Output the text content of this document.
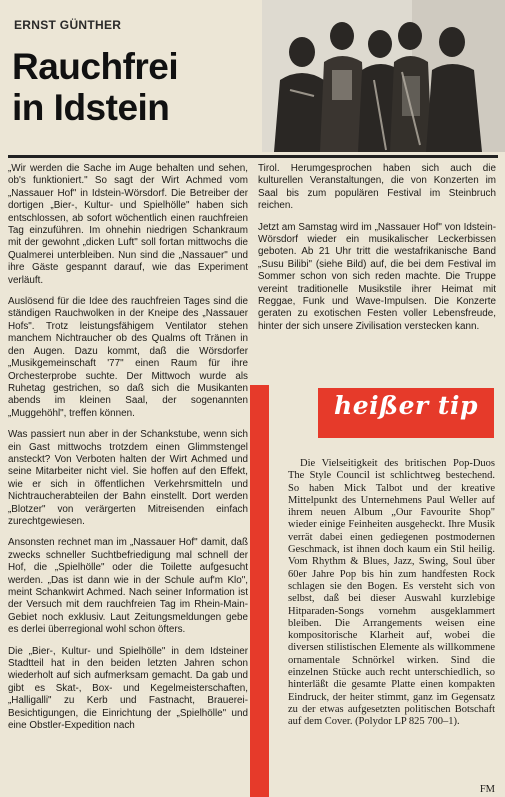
ERNST GÜNTHER
Rauchfrei
in Idstein

„Wir werden die Sache im Auge behalten und sehen, ob's funktioniert." So sagt der Wirt Achmed vom „Nassauer Hof" in Idstein-Wörsdorf. Die Betreiber der dortigen „Bier-, Kultur- und Spielhölle" haben sich entschlossen, ab sofort wöchentlich einen rauchfreien Tag einzuführen. Im ohnehin niedrigen Schankraum mit der gewohnt „dicken Luft" soll fortan mittwochs die Qualmerei unterbleiben. Nun sind die „Nassauer" und ihre Gäste gespannt darauf, wie das Experiment verläuft.

Auslösend für die Idee des rauchfreien Tages sind die ständigen Rauchwolken in der Kneipe des „Nassauer Hofs". Trotz leistungsfähigem Ventilator stehen manchem Nichtraucher ob des Qualms oft Tränen in den Augen. Dazu kommt, daß die Wörsdorfer „Musikgemeinschaft '77" einen Raum für ihre Orchesterprobe suchte. Der Mittwoch wurde als Ruhetag gestrichen, so daß sich die Musikanten abends im kleinen Saal, der sogenannten „Muggehöhl", treffen können.

Was passiert nun aber in der Schankstube, wenn sich ein Gast mittwochs trotzdem einen Glimmstengel ansteckt? Von Verboten halten der Wirt Achmed und seine Mitarbeiter nicht viel. Sie hoffen auf den Effekt, wie er sich in öffentlichen Verkehrsmitteln und Nichtraucherabteilen der Bahn einstellt. Dort werden „Blotzer" von verärgerten Mitreisenden einfach zurechtgewiesen.

Ansonsten rechnet man im „Nassauer Hof" damit, daß zwecks schneller Suchtbefriedigung mal schnell der Hof, die „Spielhölle" oder die Toilette aufgesucht werden. „Das ist dann wie in der Schule auf'm Klo", meint Schankwirt Achmed. Nach seiner Information ist der Versuch mit dem rauchfreien Tag im Rhein-Main-Gebiet noch exklusiv. Laut Zeitungsmeldungen gebe es derlei überregional wohl schon öfters.

Die „Bier-, Kultur- und Spielhölle" in dem Idsteiner Stadtteil hat in den beiden letzten Jahren schon wiederholt auf sich aufmerksam gemacht. Da gab und gibt es Skat-, Box- und Kegelmeisterschaften, „Halligalli" zu Kerb und Fastnacht, Brauerei-Besichtigungen, die Einrichtung der „Spielhölle" und eine Obstler-Expedition nach

Tirol. Herumgesprochen haben sich auch die kulturellen Veranstaltungen, die von Konzerten im Saal bis zum populären Festival im Steinbruch reichen.

Jetzt am Samstag wird im „Nassauer Hof" von Idstein-Wörsdorf wieder ein musikalischer Leckerbissen geboten. Ab 21 Uhr tritt die westafrikanische Band „Susu Bilibi" (siehe Bild) auf, die bei dem Festival im Sommer schon von sich reden machte. Die Truppe vereint traditionelle Musikstile ihrer Heimat mit Reggae, Funk und Wave-Impulsen. Die Konzerte geraten zu exotischen Festen voller Lebensfreude, hinter der sich unsere Zivilisation verstecken kann.

heißer tip

Die Vielseitigkeit des britischen Pop-Duos The Style Council ist schlichtweg bestechend. So haben Mick Talbot und der kreative Mittelpunkt des Unternehmens Paul Weller auf ihrem neuen Album „Our Favourite Shop" wieder einige Feinheiten ausgeheckt. Ihre Musik verrät dabei einen gediegenen postmodernen Geschmack, ist ihnen doch kaum ein Stil heilig. Vom Rhythm & Blues, Jazz, Swing, Soul über 60er Jahre Pop bis hin zum handfesten Rock schlagen sie den Bogen. Es versteht sich von selbst, daß bei dieser Auswahl kurzlebige Hitparaden-Songs vornehm ausgeklammert bleiben. Die Arrangements weisen eine kompositorische Klarheit auf, wobei die diversen stilistischen Elemente als willkommene ornamentale Schnörkel wirken. Sind die einzelnen Stücke auch recht unterschiedlich, so hinterläßt die gesamte Platte einen kompakten Eindruck, der heiter stimmt, ganz im Gegensatz zu der etwas aufgesetzten politischen Botschaft auf dem Cover. (Polydor LP 825 700–1).

FM
